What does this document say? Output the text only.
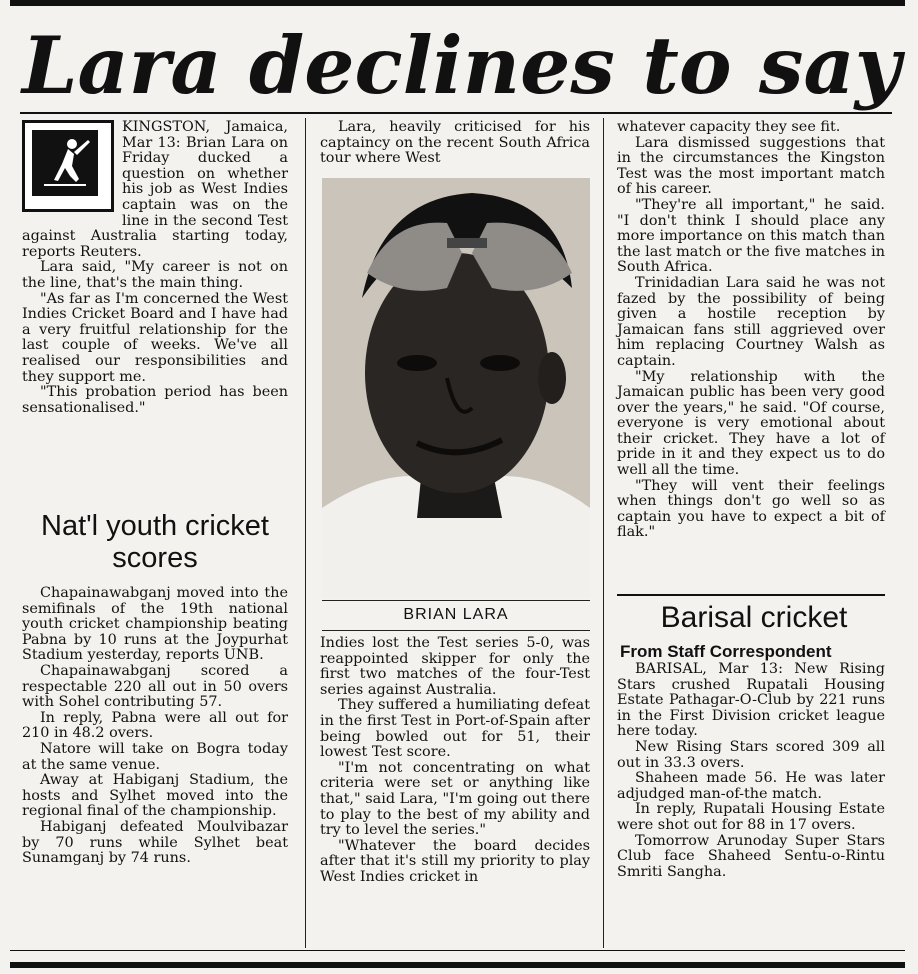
Lara declines to say

KINGSTON, Jamaica, Mar 13: Brian Lara on Friday ducked a question on whether his job as West Indies captain was on the line in the second Test against Australia starting today, reports Reuters.

Lara said, "My career is not on the line, that's the main thing.

"As far as I'm concerned the West Indies Cricket Board and I have had a very fruitful relationship for the last couple of weeks. We've all realised our responsibilities and they support me.

"This probation period has been sensationalised."

Nat'l youth cricket scores

Chapainawabganj moved into the semifinals of the 19th national youth cricket championship beating Pabna by 10 runs at the Joypurhat Stadium yesterday, reports UNB.

Chapainawabganj scored a respectable 220 all out in 50 overs with Sohel contributing 57.

In reply, Pabna were all out for 210 in 48.2 overs.

Natore will take on Bogra today at the same venue.

Away at Habiganj Stadium, the hosts and Sylhet moved into the regional final of the championship.

Habiganj defeated Moulvibazar by 70 runs while Sylhet beat Sunamganj by 74 runs.

Lara, heavily criticised for his captaincy on the recent South Africa tour where West

BRIAN LARA

Indies lost the Test series 5-0, was reappointed skipper for only the first two matches of the four-Test series against Australia.

They suffered a humiliating defeat in the first Test in Port-of-Spain after being bowled out for 51, their lowest Test score.

"I'm not concentrating on what criteria were set or anything like that," said Lara, "I'm going out there to play to the best of my ability and try to level the series."

"Whatever the board decides after that it's still my priority to play West Indies cricket in

whatever capacity they see fit.

Lara dismissed suggestions that in the circumstances the Kingston Test was the most important match of his career.

"They're all important," he said. "I don't think I should place any more importance on this match than the last match or the five matches in South Africa.

Trinidadian Lara said he was not fazed by the possibility of being given a hostile reception by Jamaican fans still aggrieved over him replacing Courtney Walsh as captain.

"My relationship with the Jamaican public has been very good over the years," he said. "Of course, everyone is very emotional about their cricket. They have a lot of pride in it and they expect us to do well all the time.

"They will vent their feelings when things don't go well so as captain you have to expect a bit of flak."

Barisal cricket
From Staff Correspondent

BARISAL, Mar 13: New Rising Stars crushed Rupatali Housing Estate Pathagar-O-Club by 221 runs in the First Division cricket league here today.

New Rising Stars scored 309 all out in 33.3 overs.

Shaheen made 56. He was later adjudged man-of-the match.

In reply, Rupatali Housing Estate were shot out for 88 in 17 overs.

Tomorrow Arunoday Super Stars Club face Shaheed Sentu-o-Rintu Smriti Sangha.
